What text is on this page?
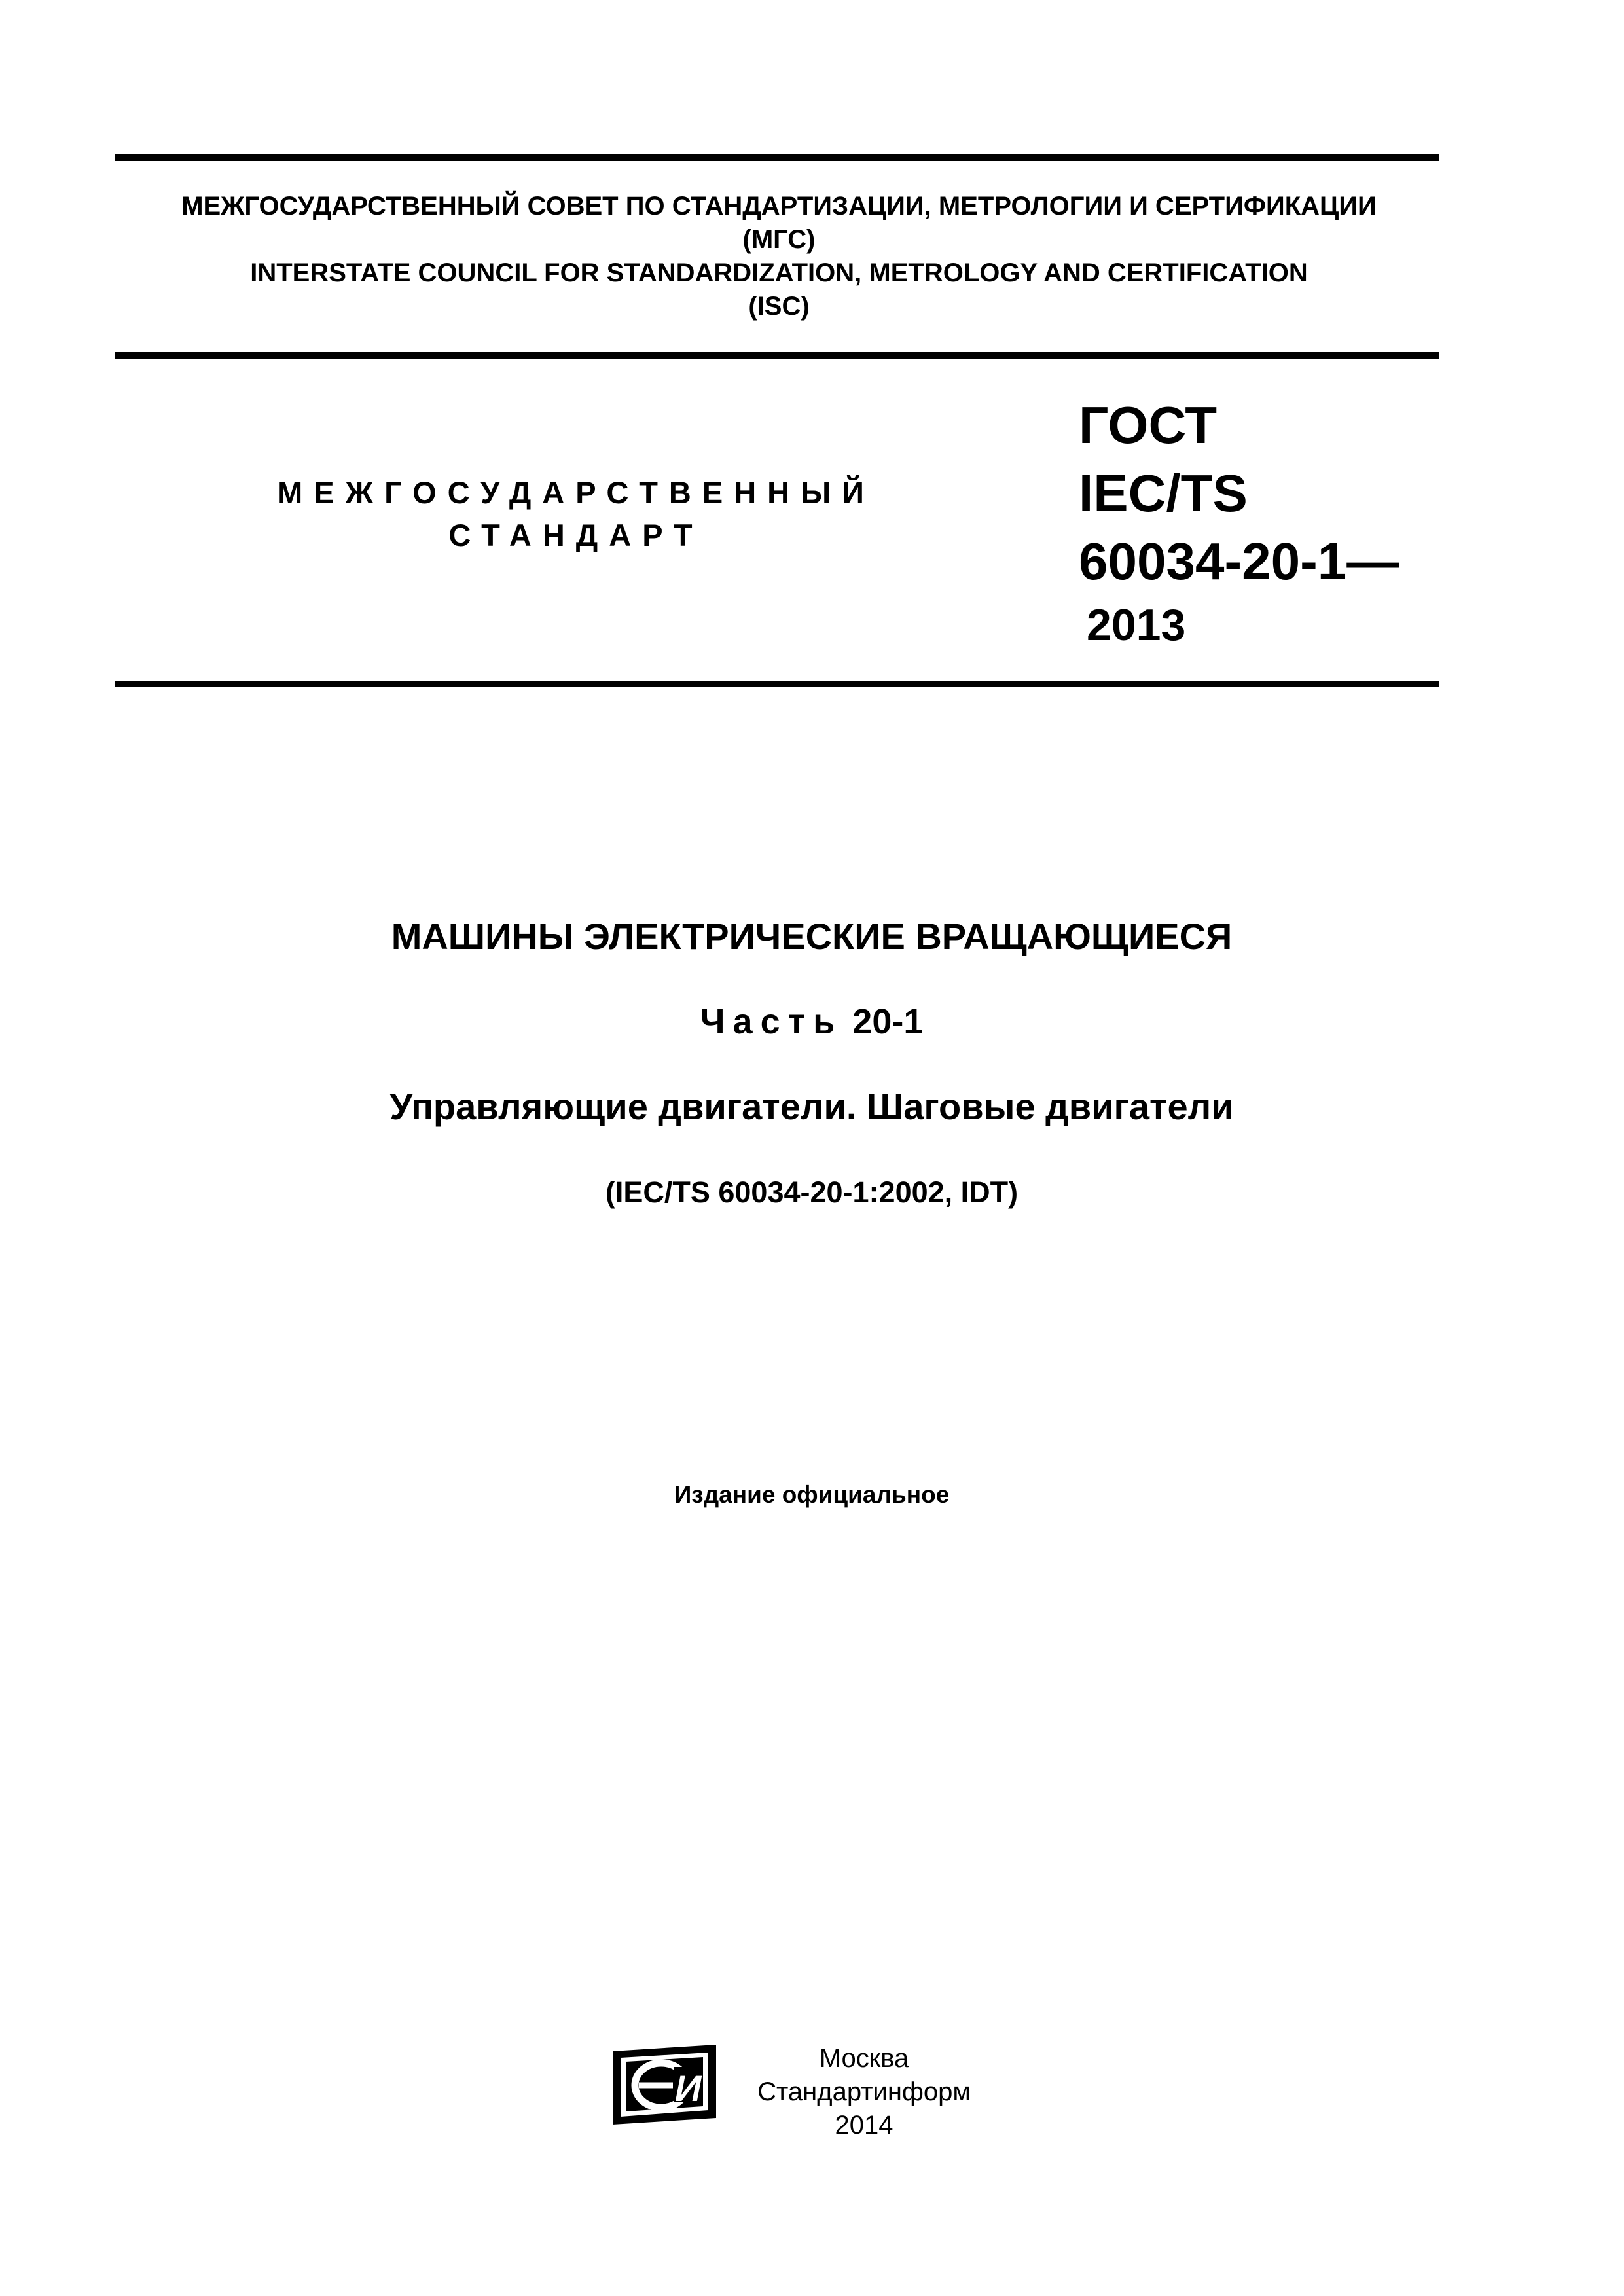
МЕЖГОСУДАРСТВЕННЫЙ СОВЕТ ПО СТАНДАРТИЗАЦИИ, МЕТРОЛОГИИ И СЕРТИФИКАЦИИ
(МГС)
INTERSTATE COUNCIL FOR STANDARDIZATION, METROLOGY AND CERTIFICATION
(ISC)
МЕЖГОСУДАРСТВЕННЫЙ
СТАНДАРТ
ГОСТ
IEC/TS
60034-20-1—
2013
МАШИНЫ ЭЛЕКТРИЧЕСКИЕ ВРАЩАЮЩИЕСЯ
Часть 20-1
Управляющие двигатели. Шаговые двигатели
(IEC/TS 60034-20-1:2002, IDT)
Издание официальное
И
Москва
Стандартинформ
2014
